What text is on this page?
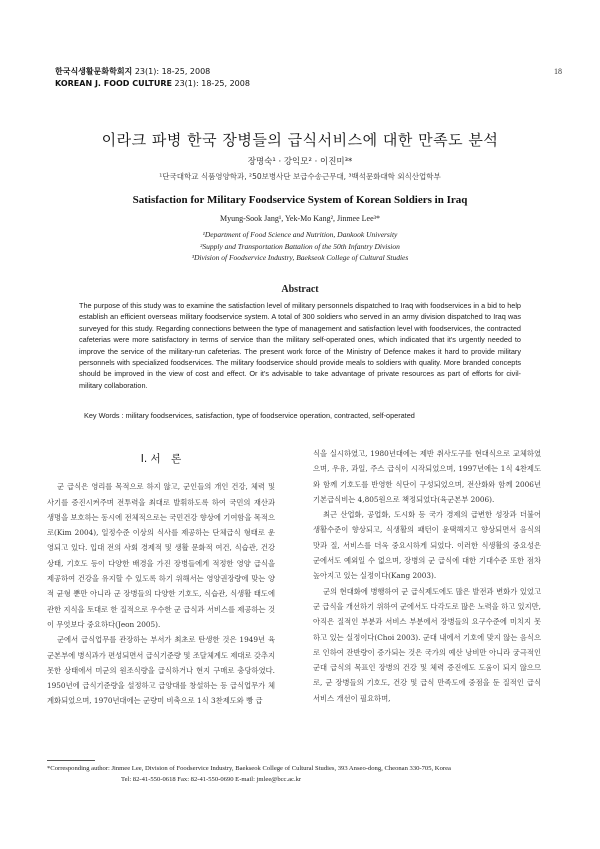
한국식생활문화학회지 23(1): 18-25, 2008
KOREAN J. FOOD CULTURE 23(1): 18-25, 2008
18
이라크 파병 한국 장병들의 급식서비스에 대한 만족도 분석
장명숙¹ · 강익모² · 이진미³*
¹단국대학교 식품영양학과, ²50보병사단 보급수송근무대, ³백석문화대학 외식산업학부
Satisfaction for Military Foodservice System of Korean Soldiers in Iraq
Myung-Sook Jang¹, Yek-Mo Kang², Jinmee Lee³*
¹Department of Food Science and Nutrition, Dankook University
²Supply and Transportation Battalion of the 50th Infantry Division
³Division of Foodservice Industry, Baekseok College of Cultural Studies
Abstract
The purpose of this study was to examine the satisfaction level of military personnels dispatched to Iraq with foodservices in a bid to help establish an efficient overseas military foodservice system. A total of 300 soldiers who served in an army division dispatched to Iraq was surveyed for this study. Regarding connections between the type of management and satisfaction level with foodservices, the contracted cafeterias were more satisfactory in terms of service than the military self-operated ones, which indicated that it's urgently needed to improve the service of the military-run cafeterias. The present work force of the Ministry of Defence makes it hard to provide military personnels with specialized foodservices. The military foodservice should provide meals to soldiers with quality. More branded concepts should be improved in the view of cost and effect. Or it's advisable to take advantage of private resources as part of efforts for civil-military collaboration.
Key Words : military foodservices, satisfaction, type of foodservice operation, contracted, self-operated
I. 서　론

군 급식은 영리를 목적으로 하지 않고, 군인들의 개인 건강, 체력 및 사기를 증진시켜주며 전투력을 최대로 발휘하도록 하여 국민의 재산과 생명을 보호하는 동시에 전체적으로는 국민건강 향상에 기여함을 목적으로(Kim 2004), 일정수준 이상의 식사를 제공하는 단체급식 형태로 운영되고 있다. 입대 전의 사회 경제적 및 생활 문화적 여건, 식습관, 건강상태, 기호도 등이 다양한 배경을 가진 장병들에게 적정한 영양 급식을 제공하여 건강을 유지할 수 있도록 하기 위해서는 영양권장량에 맞는 양적 균형 뿐만 아니라 군 장병들의 다양한 기호도, 식습관, 식생활 태도에 관한 지식을 토대로 한 질적으로 우수한 군 급식과 서비스를 제공하는 것이 무엇보다 중요하다(Jeon 2005).

군에서 급식업무를 관장하는 부서가 최초로 탄생한 것은 1949년 육군본부에 병식과가 편성되면서 급식기준량 및 조달체계도 제대로 갖추지 못한 상태에서 미군의 원조식량을 급식하거나 현지 구매로 충당하였다. 1950년에 급식기준량을 설정하고 급양대를 창설하는 등 급식업무가 체계화되었으며, 1970년대에는 군량미 비축으로 1식 3찬제도와 빵 급

식을 실시하였고, 1980년대에는 제반 취사도구를 현대식으로 교체하였으며, 우유, 과일, 주스 급식이 시작되었으며, 1997년에는 1식 4찬제도와 함께 기호도를 반영한 식단이 구성되었으며, 전산화와 함께 2006년 기본급식비는 4,805원으로 책정되었다(육군본부 2006).

최근 산업화, 공업화, 도시화 등 국가 경제의 급변한 성장과 더불어 생활수준이 향상되고, 식생활의 패턴이 윤택해지고 향상되면서 음식의 맛과 질, 서비스를 더욱 중요시하게 되었다. 이러한 식생활의 중요성은 군에서도 예외일 수 없으며, 장병의 군 급식에 대한 기대수준 또한 점차 높아지고 있는 실정이다(Kang 2003).

군의 현대화에 병행하여 군 급식제도에도 많은 발전과 변화가 있었고 군 급식을 개선하기 위하여 군에서도 다각도로 많은 노력을 하고 있지만, 아직은 질적인 부분과 서비스 부분에서 장병들의 요구수준에 미치지 못하고 있는 실정이다(Choi 2003). 군대 내에서 기호에 맞지 않는 음식으로 인하여 잔반량이 증가되는 것은 국가의 예산 낭비만 아니라 궁극적인 군대 급식의 목표인 장병의 건강 및 체력 증진에도 도움이 되지 않으므로, 군 장병들의 기호도, 건강 및 급식 만족도에 중점을 둔 질적인 급식 서비스 개선이 필요하며,

*Corresponding author: Jinmee Lee, Division of Foodservice Industry, Baekseok College of Cultural Studies, 393 Anseo-dong, Cheonan 330-705, Korea
Tel: 82-41-550-0618 Fax: 82-41-550-0690 E-mail: jmlee@bcc.ac.kr
